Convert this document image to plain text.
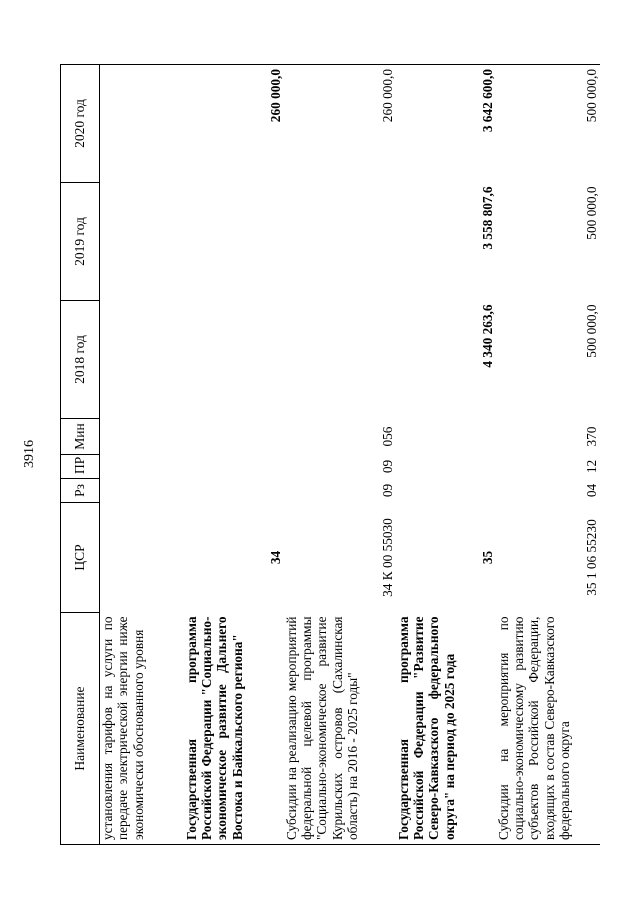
3916
Наименование	ЦСР	Рз	ПР	Мин	2018 год	2019 год	2020 год
установления тарифов на услуги по передаче электрической энергии ниже экономически обоснованного уровня							
Государственная программа Российской Федерации "Социально-экономическое развитие Дальнего Востока и Байкальского региона"	34						260 000,0
Субсидии на реализацию мероприятий федеральной целевой программы "Социально-экономическое развитие Курильских островов (Сахалинская область) на 2016 - 2025 годы"	34 К 00 55030	09	09	056			260 000,0
Государственная программа Российской Федерации "Развитие Северо-Кавказского федерального округа" на период до 2025 года	35				4 340 263,6	3 558 807,6	3 642 600,0
Субсидии на мероприятия по социально-экономическому развитию субъектов Российской Федерации, входящих в состав Северо-Кавказского федерального округа	35 1 06 55230	04	12	370	500 000,0	500 000,0	500 000,0
